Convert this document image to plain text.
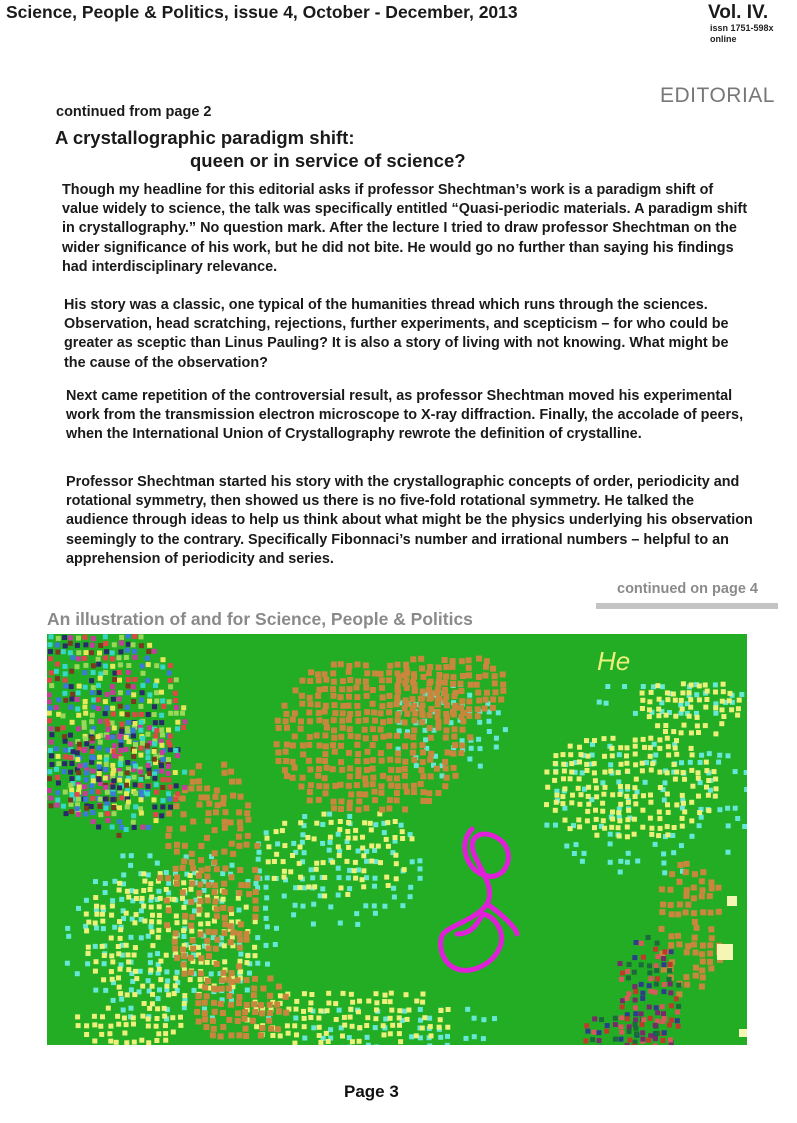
Science, People & Politics, issue 4, October - December, 2013	Vol. IV.
issn 1751-598x
online
EDITORIAL
continued from page 2
A crystallographic paradigm shift:
queen or in service of science?
Though my headline for this editorial asks if professor Shechtman’s work is a paradigm shift of value widely to science, the talk was specifically entitled “Quasi-periodic materials. A paradigm shift in crystallography.” No question mark. After the lecture I tried to draw professor Shechtman on the wider significance of his work, but he did not bite. He would go no further than saying his findings had interdisciplinary relevance.
His story was a classic, one typical of the humanities thread which runs through the sciences. Observation, head scratching, rejections, further experiments, and scepticism – for who could be greater as sceptic than Linus Pauling? It is also a story of living with not knowing. What might be the cause of the observation?
Next came repetition of the controversial result, as professor Shechtman moved his experimental work from the transmission electron microscope to X-ray diffraction. Finally, the accolade of peers, when the International Union of Crystallography rewrote the definition of crystalline.
Professor Shechtman started his story with the crystallographic concepts of order, periodicity and rotational symmetry, then showed us there is no five-fold rotational symmetry. He talked the audience through ideas to help us think about what might be the physics underlying his observation seemingly to the contrary. Specifically Fibonnaci’s number and irrational numbers – helpful to an apprehension of periodicity and series.
continued on page 4
An illustration of and for Science, People & Politics
He
Page 3
